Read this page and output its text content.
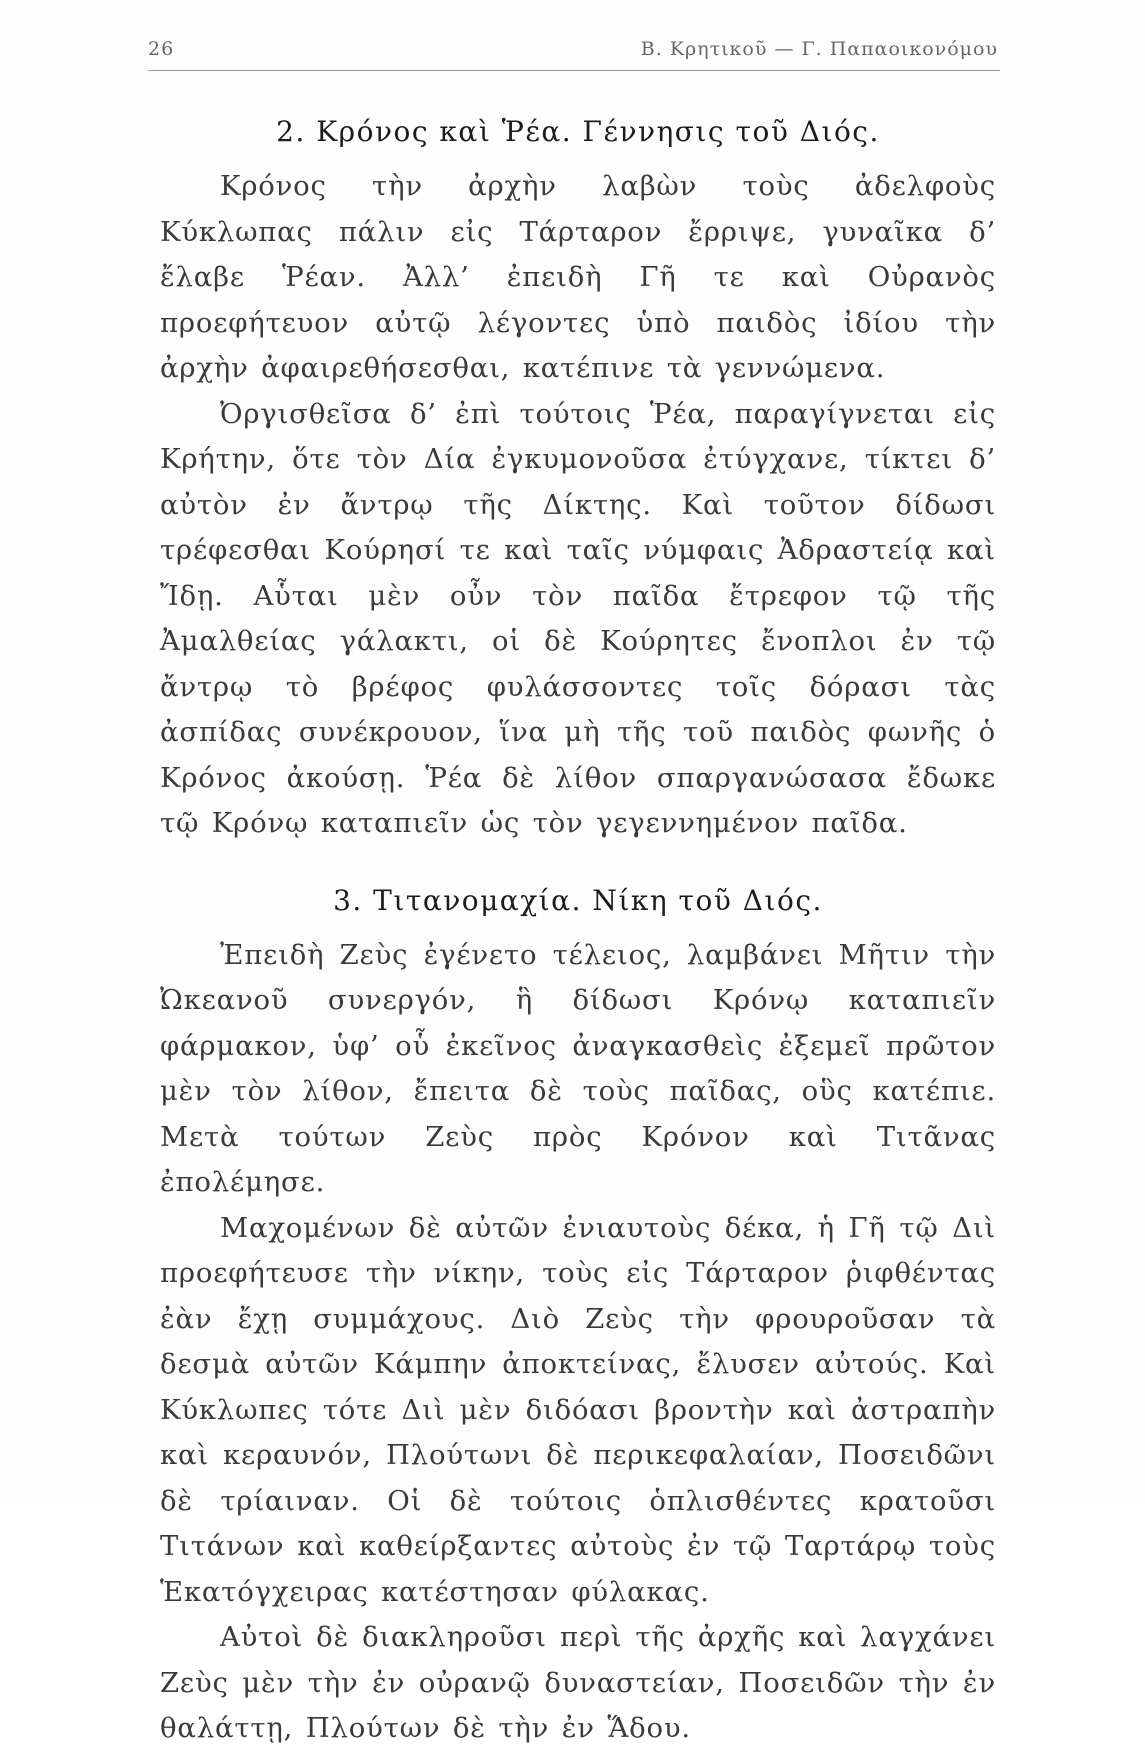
26	Β. Κρητικοῦ — Γ. Παπαοικονόμου
2. Κρόνος καὶ Ῥέα. Γέννησις τοῦ Διός.

Κρόνος τὴν ἀρχὴν λαβὼν τοὺς ἀδελφοὺς Κύκλωπας πάλιν εἰς Τάρταρον ἔρριψε, γυναῖκα δ’ ἔλαβε Ῥέαν. Ἀλλ’ ἐπειδὴ Γῆ τε καὶ Οὐρανὸς προεφήτευον αὐτῷ λέγοντες ὑπὸ παιδὸς ἰδίου τὴν ἀρχὴν ἀφαιρεθήσεσθαι, κατέπινε τὰ γεννώμενα.

Ὀργισθεῖσα δ’ ἐπὶ τούτοις Ῥέα, παραγίγνεται εἰς Κρήτην, ὅτε τὸν Δία ἐγκυμονοῦσα ἐτύγχανε, τίκτει δ’ αὐτὸν ἐν ἄντρῳ τῆς Δίκτης. Καὶ τοῦτον δίδωσι τρέφεσθαι Κούρησί τε καὶ ταῖς νύμφαις Ἀδραστείᾳ καὶ Ἴδῃ. Αὗται μὲν οὖν τὸν παῖδα ἔτρεφον τῷ τῆς Ἀμαλθείας γάλακτι, οἱ δὲ Κούρητες ἔνοπλοι ἐν τῷ ἄντρῳ τὸ βρέφος φυλάσσοντες τοῖς δόρασι τὰς ἀσπίδας συνέκρουον, ἵνα μὴ τῆς τοῦ παιδὸς φωνῆς ὁ Κρόνος ἀκούσῃ. Ῥέα δὲ λίθον σπαργανώσασα ἔδωκε τῷ Κρόνῳ καταπιεῖν ὡς τὸν γεγεννημένον παῖδα.

3. Τιτανομαχία. Νίκη τοῦ Διός.

Ἐπειδὴ Ζεὺς ἐγένετο τέλειος, λαμβάνει Μῆτιν τὴν Ὠκεανοῦ συνεργόν, ἣ δίδωσι Κρόνῳ καταπιεῖν φάρμακον, ὑφ’ οὗ ἐκεῖνος ἀναγκασθεὶς ἐξεμεῖ πρῶτον μὲν τὸν λίθον, ἔπειτα δὲ τοὺς παῖδας, οὓς κατέπιε. Μετὰ τούτων Ζεὺς πρὸς Κρόνον καὶ Τιτᾶνας ἐπολέμησε.

Μαχομένων δὲ αὐτῶν ἐνιαυτοὺς δέκα, ἡ Γῆ τῷ Διὶ προεφήτευσε τὴν νίκην, τοὺς εἰς Τάρταρον ῥιφθέντας ἐὰν ἔχῃ συμμάχους. Διὸ Ζεὺς τὴν φρουροῦσαν τὰ δεσμὰ αὐτῶν Κάμπην ἀποκτείνας, ἔλυσεν αὐτούς. Καὶ Κύκλωπες τότε Διὶ μὲν διδόασι βροντὴν καὶ ἀστραπὴν καὶ κεραυνόν, Πλούτωνι δὲ περικεφαλαίαν, Ποσειδῶνι δὲ τρίαιναν. Οἱ δὲ τούτοις ὁπλισθέντες κρατοῦσι Τιτάνων καὶ καθείρξαντες αὐτοὺς ἐν τῷ Ταρτάρῳ τοὺς Ἑκατόγχειρας κατέστησαν φύλακας.

Αὐτοὶ δὲ διακληροῦσι περὶ τῆς ἀρχῆς καὶ λαγχάνει Ζεὺς μὲν τὴν ἐν οὐρανῷ δυναστείαν, Ποσειδῶν τὴν ἐν θαλάττῃ, Πλούτων δὲ τὴν ἐν Ἅδου.
